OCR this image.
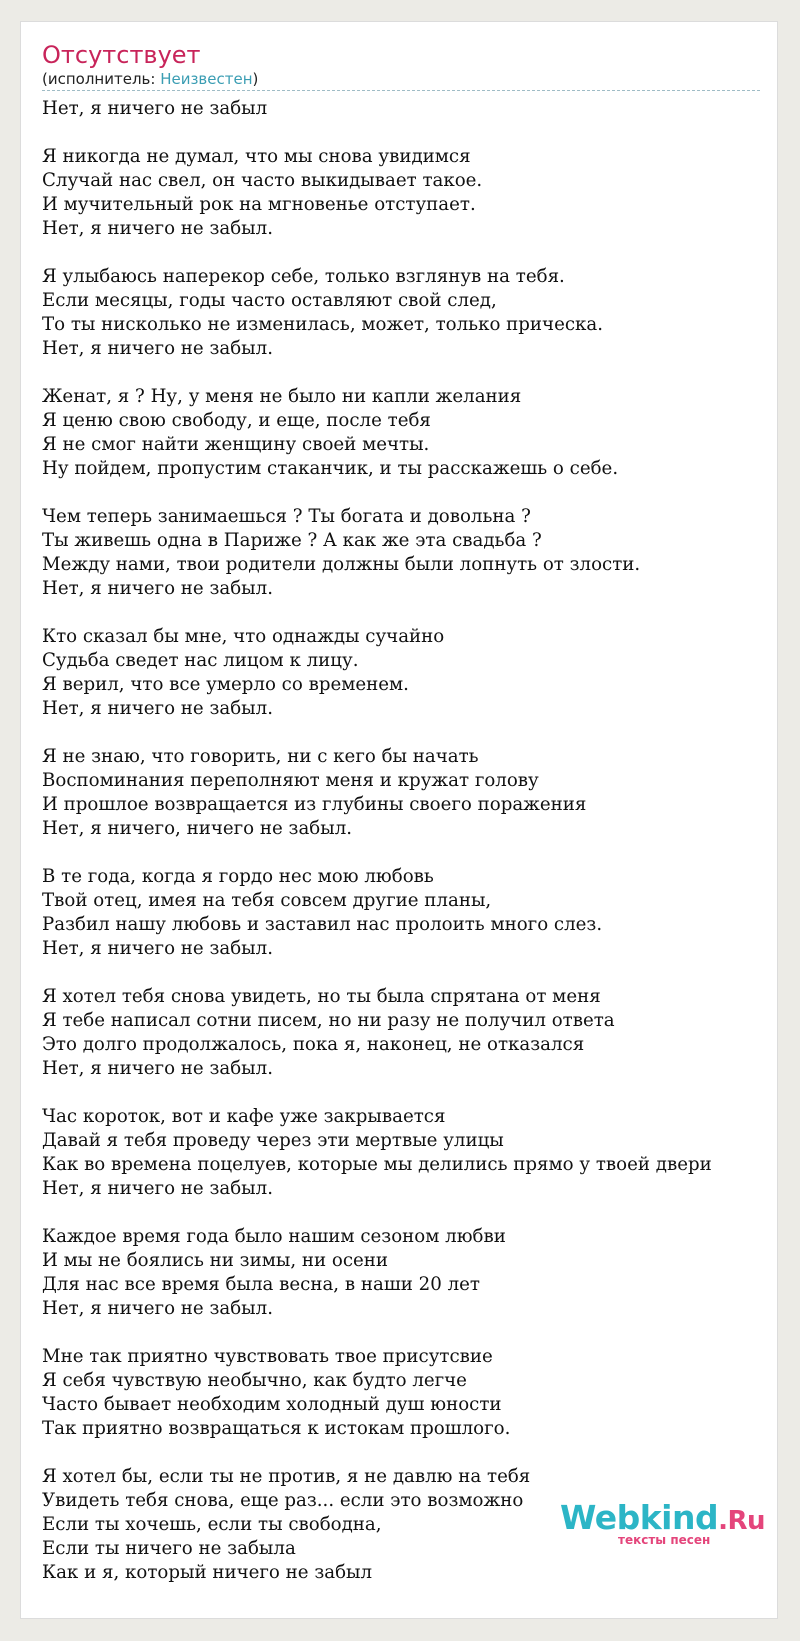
Отсутствует
(исполнитель: Неизвестен)
Нет, я ничего не забыл

Я никогда не думал, что мы снова увидимся
Случай нас свел, он часто выкидывает такое.
И мучительный рок на мгновенье отступает.
Нет, я ничего не забыл.

Я улыбаюсь наперекор себе, только взглянув на тебя.
Если месяцы, годы часто оставляют свой след,
То ты нисколько не изменилась, может, только прическа.
Нет, я ничего не забыл.

Женат, я ? Ну, у меня не было ни капли желания
Я ценю свою свободу, и еще, после тебя
Я не смог найти женщину своей мечты.
Ну пойдем, пропустим стаканчик, и ты расскажешь о себе.

Чем теперь занимаешься ? Ты богата и довольна ?
Ты живешь одна в Париже ? А как же эта свадьба ?
Между нами, твои родители должны были лопнуть от злости.
Нет, я ничего не забыл.

Кто сказал бы мне, что однажды сучайно
Судьба сведет нас лицом к лицу.
Я верил, что все умерло со временем.
Нет, я ничего не забыл.

Я не знаю, что говорить, ни с кего бы начать
Воспоминания переполняют меня и кружат голову
И прошлое возвращается из глубины своего поражения
Нет, я ничего, ничего не забыл.

В те года, когда я гордо нес мою любовь
Твой отец, имея на тебя совсем другие планы,
Разбил нашу любовь и заставил нас пролоить много слез.
Нет, я ничего не забыл.

Я хотел тебя снова увидеть, но ты была спрятана от меня
Я тебе написал сотни писем, но ни разу не получил ответа
Это долго продолжалось, пока я, наконец, не отказался
Нет, я ничего не забыл.

Час короток, вот и кафе уже закрывается
Давай я тебя проведу через эти мертвые улицы
Как во времена поцелуев, которые мы делились прямо у твоей двери
Нет, я ничего не забыл.

Каждое время года было нашим сезоном любви
И мы не боялись ни зимы, ни осени
Для нас все время была весна, в наши 20 лет
Нет, я ничего не забыл.

Мне так приятно чувствовать твое присутсвие
Я себя чувствую необычно, как будто легче
Часто бывает необходим холодный душ юности
Так приятно возвращаться к истокам прошлого.

Я хотел бы, если ты не против, я не давлю на тебя
Увидеть тебя снова, еще раз... если это возможно
Если ты хочешь, если ты свободна,
Если ты ничего не забыла
Как и я, который ничего не забыл
Webkind.Ru
тексты песен
